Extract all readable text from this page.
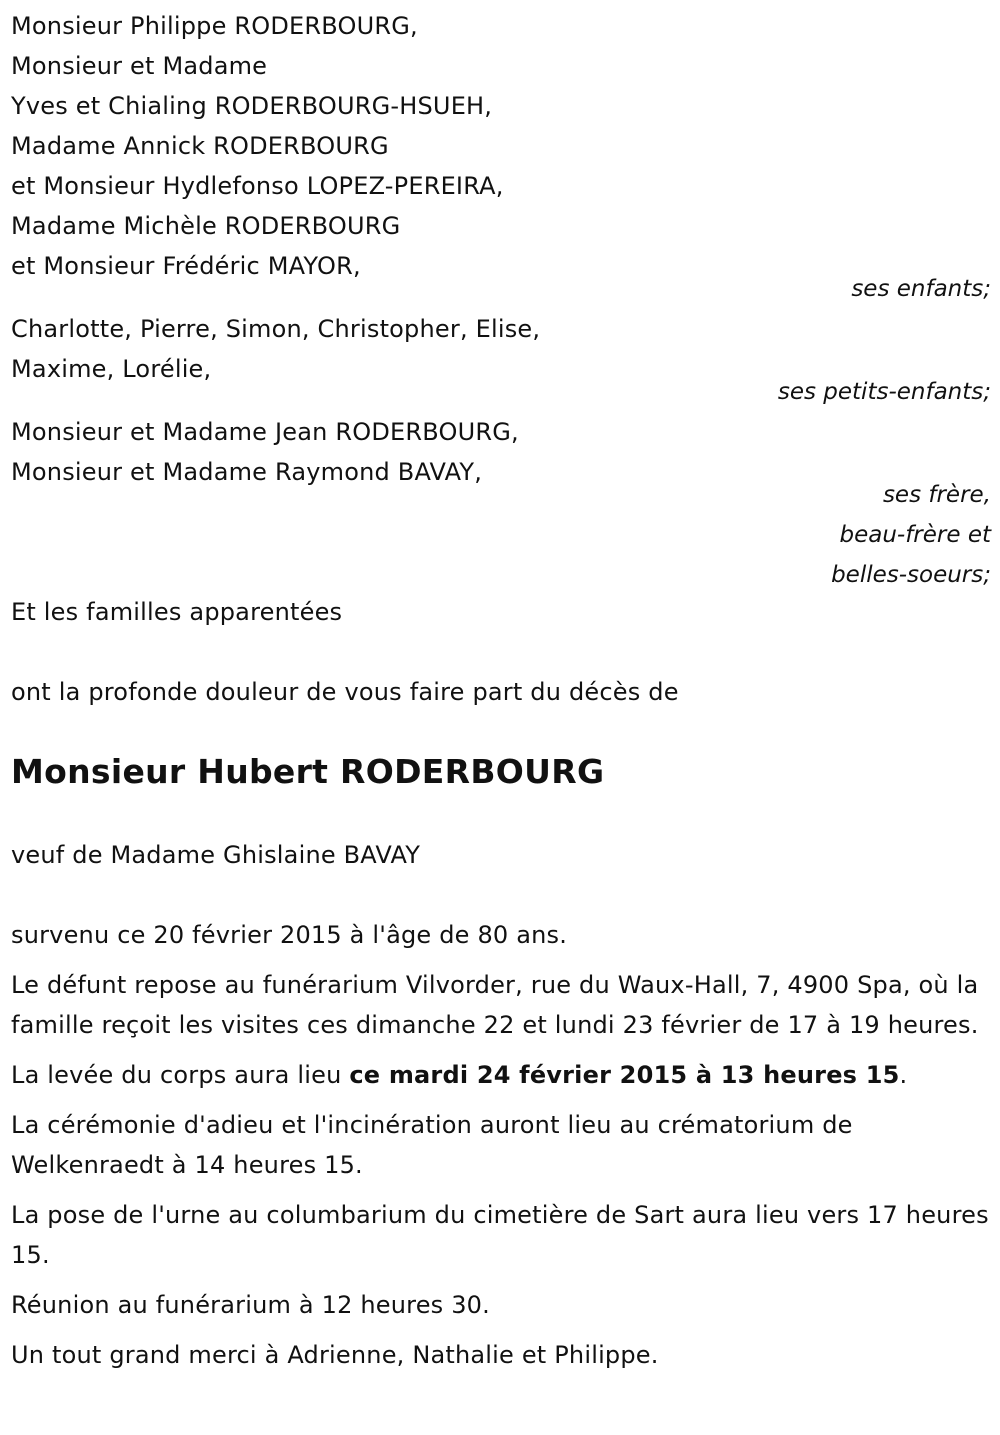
Monsieur Philippe RODERBOURG,
Monsieur et Madame
Yves et Chialing RODERBOURG-HSUEH,
Madame Annick RODERBOURG
et Monsieur Hydlefonso LOPEZ-PEREIRA,
Madame Michèle RODERBOURG
et Monsieur Frédéric MAYOR,
ses enfants;
Charlotte, Pierre, Simon, Christopher, Elise,
Maxime, Lorélie,
ses petits-enfants;
Monsieur et Madame Jean RODERBOURG,
Monsieur et Madame Raymond BAVAY,
ses frère,
beau-frère et
belles-soeurs;
Et les familles apparentées
ont la profonde douleur de vous faire part du décès de
Monsieur Hubert RODERBOURG
veuf de Madame Ghislaine BAVAY

survenu ce 20 février 2015 à l'âge de 80 ans.

Le défunt repose au funérarium Vilvorder, rue du Waux-Hall, 7, 4900 Spa, où la famille reçoit les visites ces dimanche 22 et lundi 23 février de 17 à 19 heures.

La levée du corps aura lieu ce mardi 24 février 2015 à 13 heures 15.

La cérémonie d'adieu et l'incinération auront lieu au crématorium de Welkenraedt à 14 heures 15.

La pose de l'urne au columbarium du cimetière de Sart aura lieu vers 17 heures 15.

Réunion au funérarium à 12 heures 30.

Un tout grand merci à Adrienne, Nathalie et Philippe.
